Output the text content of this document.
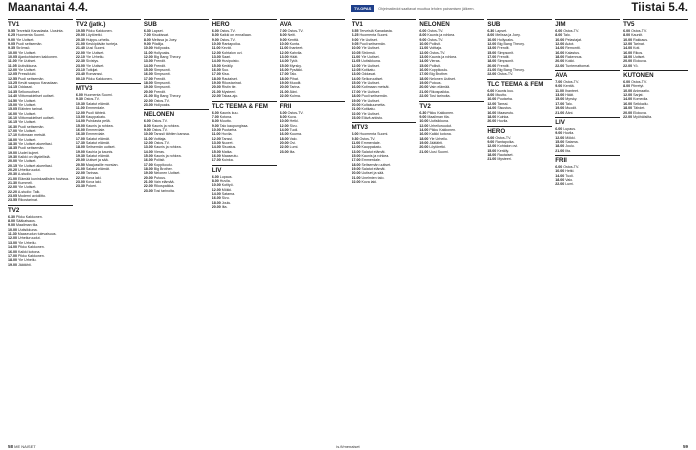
Maanantai 4.4.	TV-OPAS	Ohjelmatiedot saattavat muuttua lehden painamisen jälkeen.	Tiistai 5.4.
TV1
5.55 Terveisiä Kanadasta. Uusinta.
6.25 Huomenta Suomi.
9.00 Yle Uutiset.
9.05 Puoli seitsemän.
9.35 Strömsö.
10.00 Yle Uutiset.
10.05 Ajankohtainen kakkonen.
11.00 Yle Uutiset.
11.05 Uutisikkuna.
12.00 Yle Uutiset.
12.05 Pressiklubi.
12.55 Puoli seitsemän.
13.25 Kevät saapuu Kanadaan.
14.15 Oddasat.
14.35 Selkoruutiset.
14.40 Viittomakieliset uutiset.
14.50 Yle Uutiset.
15.00 Yle Uutiset.
15.05 Eläinten tarinat.
16.00 Yle Uutiset.
16.10 Viittomakieliset uutiset.
16.15 Yle Uutiset.
16.30 Puoli seitsemän.
17.00 Yle Uutiset.
17.10 Kotimaan metsät.
18.00 Yle Uutiset.
18.30 Yle Uutiset alueeltasi.
18.35 Puoli seitsemän.
19.00 Uudet kujeet.
19.30 Kaikki on täydellistä.
20.00 Yle Uutiset.
20.15 Yle Uutiset alueeltasi.
20.20 Urheiluruudut.
20.30 A-studio.
21.00 Elämää kuninkaallisten hovissa.
21.30 Kummeli.
22.00 Yle Uutiset.
22.20 A-studio: Talk.
23.05 Moderni avioliitto.
23.55 Rikostarinat.
TV2
6.30 Pikku Kakkonen.
8.00 Sääkatsaus.
9.00 Maailman tila.
10.00 Uutisikkuna.
11.30 Maaseudun tulevaisuus.
12.00 Urheiluruudut.
13.00 Yle Urheilu.
14.00 Pikku Kakkonen.
16.00 Kaikki kotona.
17.00 Pikku Kakkonen.
18.00 Yle Urheilu.
19.00 Jäätähti.
TV2 (jatk.)
19.55 Pikku Kakkonen.
20.00 Löytöretki.
20.30 Huippu-urheilu.
21.00 Keskipäivän tunteja.
21.40 Uusi Suomi.
22.00 Yle Uutiset.
22.10 Yle Urheilu.
22.30 Sivistys.
23.00 Yle Uutiset.
23.10 Tutkijat.
23.40 Romanssi.
00.10 Pikku Kakkonen.
MTV3
6.00 Huomenta Suomi.
9.30 Ostos-TV.
10.30 Salatut elämät.
11.00 Emmerdale.
12.00 Puoli tähteä.
13.00 Kauppakatu.
14.00 Puhdasta peliä.
15.00 Kaunis ja rohkea.
16.00 Emmerdale.
16.30 Emmerdale.
17.00 Salatut elämät.
17.30 Salatut elämät.
18.00 Seitsemän uutiset.
19.00 Kauhia ja kaunis.
19.30 Salatut elämät.
20.00 Uutiset ja sää.
20.50 Maajussille morsian.
21.00 Salatut elämät.
22.00 Tarinaa.
22.30 Kova laki.
23.00 Kova laki.
23.30 Pokeri.
SUB
6.30 Lapset.
7.00 Kisukissat.
8.00 Melissa ja Joey.
9.00 Pilailija.
10.00 Hollyoaks.
11.00 Hollyoaks.
12.00 Big Bang Theory.
13.00 Frendit.
14.00 Frendit.
15.00 Simpsonit.
16.00 Simpsonit.
17.00 Frendit.
18.00 Simpsonit.
19.00 Simpsonit.
20.00 Frendit.
21.00 Big Bang Theory.
22.00 Ostos-TV.
23.00 Hollyoaks.
NELONEN
6.00 Ostos-TV.
8.00 Kaunis ja rohkea.
9.00 Ostos-TV.
10.00 Tanssii tähtien kanssa.
11.00 Voittaja.
12.00 Ostos-TV.
13.00 Kaunis ja rohkea.
14.00 Vieras.
15.00 Kaunis ja rohkea.
16.00 Poliisit.
17.00 Koppikoulu.
18.00 Big Brother.
19.00 Nelonen Uutiset.
20.00 Putous.
21.00 Vain elämää.
22.00 Rikospaikka.
23.00 Tosi tarinoita.
HERO
6.00 Ostos-TV.
8.00 Kaikki on ennallaan.
9.00 Ostos-TV.
10.00 Rantapoika.
11.00 Kevät.
12.00 Kohtalon ovi.
13.00 Saari.
14.00 Huvipuisto.
15.00 Keräily.
16.00 Suo.
17.00 Kisa.
18.00 Rautaiset.
19.00 Rikostarinat.
20.00 Ristin tie.
21.00 Mysteeri.
22.00 Takaa-ajo.
TLC TEEMA & FEM
6.00 Kaunis kuu.
7.00 Kotona.
8.00 Muutto.
9.00 Talo kaupungissa.
10.00 Puutarha.
11.00 Huvila.
12.00 Tanssi.
13.00 Nuoret.
14.00 Sisustus.
15.00 Matka.
16.00 Maaseutu.
17.00 Kuinka.
LIV
6.00 Lupaus.
8.00 Huvila.
10.00 Kotityö.
12.00 Mökki.
14.00 Satama.
16.00 Sivu.
18.00 Joulu.
20.00 Ilta.
AVA
7.00 Ostos-TV.
8.00 Neiti.
9.00 Kenttä.
10.00 Kunta.
11.00 Ihanteet.
12.00 Kahvila.
13.00 Häät.
14.00 Tytöt.
15.00 Myrsky.
16.00 Pysäkki.
17.00 Talo.
18.00 Pihat.
19.00 Muodit.
20.00 Tarina.
21.00 Ääni.
22.00 Kulma.
FRII
6.00 Ostos-TV.
8.00 Kuva.
10.00 Hetki.
12.00 Sivu.
14.00 Tuoli.
16.00 Kuuma.
18.00 Valo.
20.00 Ovi.
22.00 Lumi.
23.00 Ilta.
TV1
5.55 Terveisiä Kanadasta.
6.25 Huomenta Suomi.
9.00 Yle Uutiset.
9.05 Puoli seitsemän.
10.00 Yle Uutiset.
10.05 Strömsö.
11.00 Yle Uutiset.
11.05 Uutisikkuna.
12.00 Yle Uutiset.
12.05 Kotikatu.
13.00 Oddasat.
14.00 Selkoruutiset.
15.00 Yle Uutiset.
16.00 Kotimaan metsät.
17.00 Yle Uutiset.
18.00 Puoli seitsemän.
19.00 Yle Uutiset.
20.00 Kultakuumetta.
21.00 Kotikatu.
22.00 Yle Uutiset.
23.00 Elävä arkisto.
MTV3
6.00 Huomenta Suomi.
9.30 Ostos-TV.
11.00 Emmerdale.
12.00 Kauppakatu.
13.00 Salatut elämät.
15.00 Kaunis ja rohkea.
17.00 Emmerdale.
18.00 Seitsemän uutiset.
19.00 Salatut elämät.
20.00 Uutiset ja sää.
21.00 Unelmien talo.
22.00 Kova laki.
NELONEN
6.00 Ostos-TV.
8.00 Kaunis ja rohkea.
9.00 Ostos-TV.
10.00 Poliisit.
11.00 Voittaja.
12.00 Ostos-TV.
13.00 Kaunis ja rohkea.
14.00 Vieras.
15.00 Poliisit.
16.00 Koppikoulu.
17.00 Big Brother.
18.00 Nelonen Uutiset.
19.00 Putous.
20.00 Vain elämää.
21.00 Rikospaikka.
22.00 Tosi tarinoita.
TV2
6.30 Pikku Kakkonen.
9.00 Maailman tila.
10.00 Uutisikkuna.
12.00 Urheiluruudut.
14.00 Pikku Kakkonen.
16.00 Kaikki kotona.
18.00 Yle Urheilu.
19.00 Jäätähti.
20.00 Löytöretki.
21.00 Uusi Suomi.
SUB
6.30 Lapset.
8.00 Melissa ja Joey.
10.00 Hollyoaks.
12.00 Big Bang Theory.
13.00 Frendit.
15.00 Simpsonit.
17.00 Frendit.
18.00 Simpsonit.
20.00 Frendit.
21.00 Big Bang Theory.
22.00 Ostos-TV.
TLC TEEMA & FEM
6.00 Kaunis kuu.
8.00 Muutto.
10.00 Puutarha.
12.00 Tanssi.
14.00 Sisustus.
16.00 Maaseutu.
18.00 Kuinka.
20.00 Huvila.
HERO
6.00 Ostos-TV.
9.00 Rantapoika.
12.00 Kohtalon ovi.
15.00 Keräily.
18.00 Rautaiset.
21.00 Mysteeri.
JIM
6.00 Ostos-TV.
8.00 Talo.
10.00 Pelastajat.
12.00 Autot.
14.00 Remontti.
16.00 Kalastus.
18.00 Rakennus.
20.00 Kokki.
22.00 Tuntemattomat.
AVA
7.00 Ostos-TV.
9.00 Kenttä.
11.00 Ihanteet.
13.00 Häät.
15.00 Myrsky.
17.00 Talo.
19.00 Muodit.
21.00 Ääni.
LIV
6.00 Lupaus.
9.00 Huvila.
12.00 Mökki.
15.00 Satama.
18.00 Joulu.
21.00 Ilta.
FRII
6.00 Ostos-TV.
10.00 Hetki.
14.00 Tuoli.
18.00 Valo.
22.00 Lumi.
TV5
6.00 Ostos-TV.
8.00 Kauniit.
10.00 Rakkaus.
12.00 Tarinat.
14.00 Koti.
16.00 Rikos.
18.00 Uutiset.
20.00 Elokuva.
22.00 Yö.
KUTONEN
6.00 Ostos-TV.
8.00 Piirretyt.
10.00 Animaatio.
12.00 Sarjat.
14.00 Komedia.
16.00 Seikkailu.
18.00 Tähdet.
20.00 Elokuva.
22.00 Myöhäisilta.
58 ME NAISET	is.fi/menaiset	59
